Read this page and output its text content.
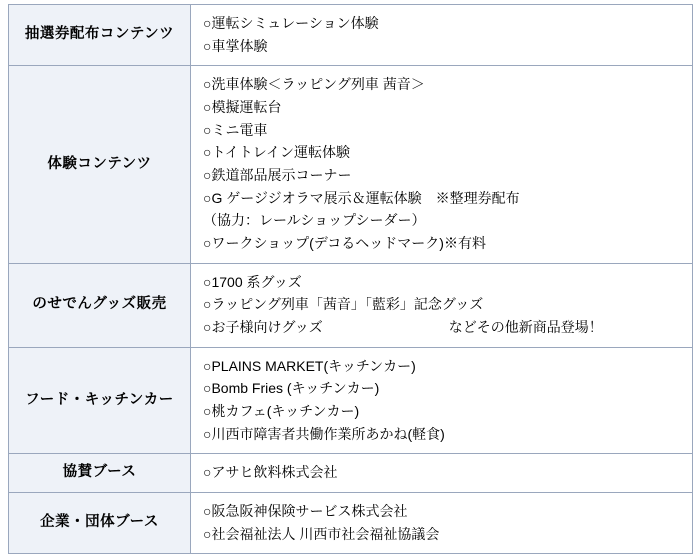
抽選券配布コンテンツ	○運転シミュレーション体験
○車掌体験

体験コンテンツ	
○洗車体験＜ラッピング列車 茜音＞
○模擬運転台
○ミニ電車
○トイトレイン運転体験
○鉄道部品展示コーナー
○G ゲージジオラマ展示＆運転体験　※整理券配布
（協力：レールショップシーダー）
○ワークショップ(デコるヘッドマーク)※有料

のせでんグッズ販売	○1700 系グッズ
○ラッピング列車「茜音」「藍彩」記念グッズ
○お子様向けグッズ　　　　　　　　　などその他新商品登場！

フード・キッチンカー	○PLAINS MARKET(キッチンカー)
○Bomb Fries (キッチンカー)
○桃カフェ(キッチンカー)
○川西市障害者共働作業所あかね(軽食)

協賛ブース	○アサヒ飲料株式会社

企業・団体ブース	○阪急阪神保険サービス株式会社
○社会福祉法人 川西市社会福祉協議会
